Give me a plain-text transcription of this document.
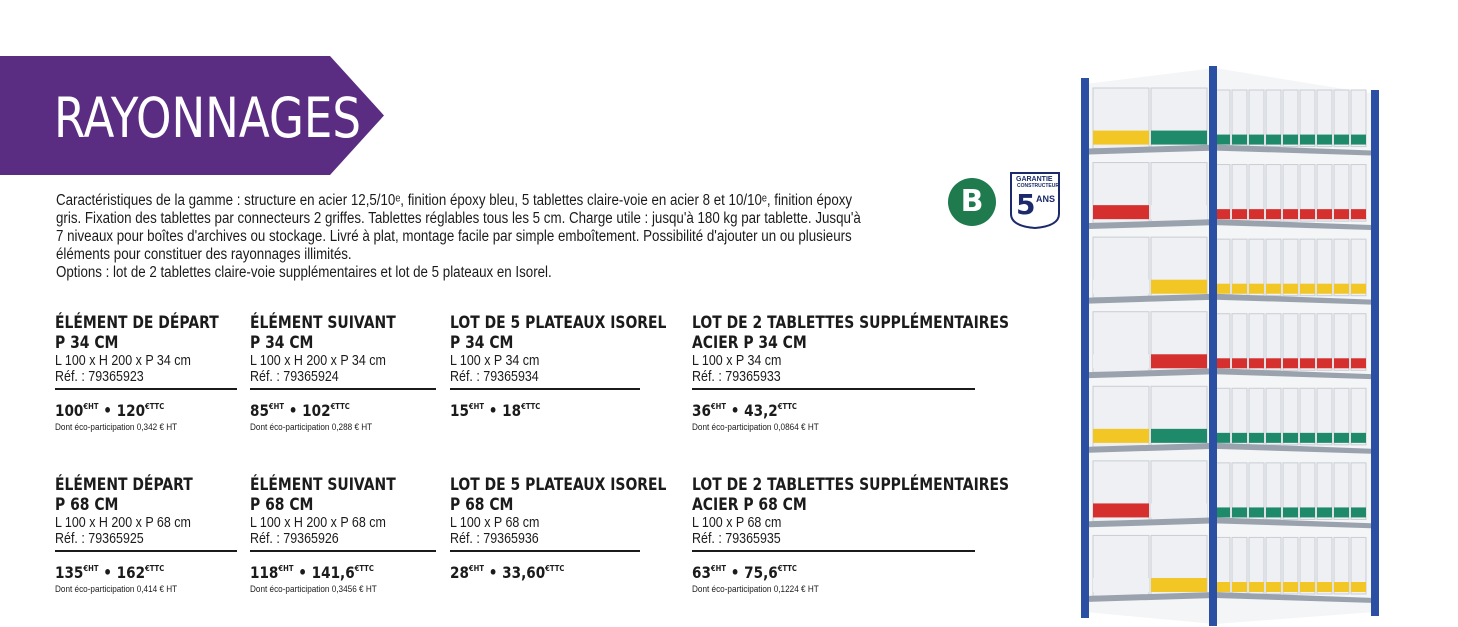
RAYONNAGES

Caractéristiques de la gamme : structure en acier 12,5/10ᵉ, finition époxy bleu, 5 tablettes claire-voie en acier 8 et 10/10ᵉ, finition époxy

gris. Fixation des tablettes par connecteurs 2 griffes. Tablettes réglables tous les 5 cm. Charge utile : jusqu'à 180 kg par tablette. Jusqu'à

7 niveaux pour boîtes d'archives ou stockage. Livré à plat, montage facile par simple emboîtement. Possibilité d'ajouter un ou plusieurs

éléments pour constituer des rayonnages illimités.

Options : lot de 2 tablettes claire-voie supplémentaires et lot de 5 plateaux en Isorel.

B
GARANTIE
CONSTRUCTEUR
5 ANS
ÉLÉMENT DE DÉPART
P 34 CM
L 100 x H 200 x P 34 cm
Réf. : 79365923
$100^{€HT}$ • $120^{€TTC}$
Dont éco-participation 0,342 € HT
ÉLÉMENT SUIVANT
P 34 CM
L 100 x H 200 x P 34 cm
Réf. : 79365924
$85^{€HT}$ • $102^{€TTC}$
Dont éco-participation 0,288 € HT
LOT DE 5 PLATEAUX ISOREL
P 34 CM
L 100 x P 34 cm
Réf. : 79365934
$15^{€HT}$ • $18^{€TTC}$
LOT DE 2 TABLETTES SUPPLÉMENTAIRES
ACIER P 34 CM
L 100 x P 34 cm
Réf. : 79365933
$36^{€HT}$ • $43,2^{€TTC}$
Dont éco-participation 0,0864 € HT
ÉLÉMENT DÉPART
P 68 CM
L 100 x H 200 x P 68 cm
Réf. : 79365925
$135^{€HT}$ • $162^{€TTC}$
Dont éco-participation 0,414 € HT
ÉLÉMENT SUIVANT
P 68 CM
L 100 x H 200 x P 68 cm
Réf. : 79365926
$118^{€HT}$ • $141,6^{€TTC}$
Dont éco-participation 0,3456 € HT
LOT DE 5 PLATEAUX ISOREL
P 68 CM
L 100 x P 68 cm
Réf. : 79365936
$28^{€HT}$ • $33,60^{€TTC}$
LOT DE 2 TABLETTES SUPPLÉMENTAIRES
ACIER P 68 CM
L 100 x P 68 cm
Réf. : 79365935
$63^{€HT}$ • $75,6^{€TTC}$
Dont éco-participation 0,1224 € HT
